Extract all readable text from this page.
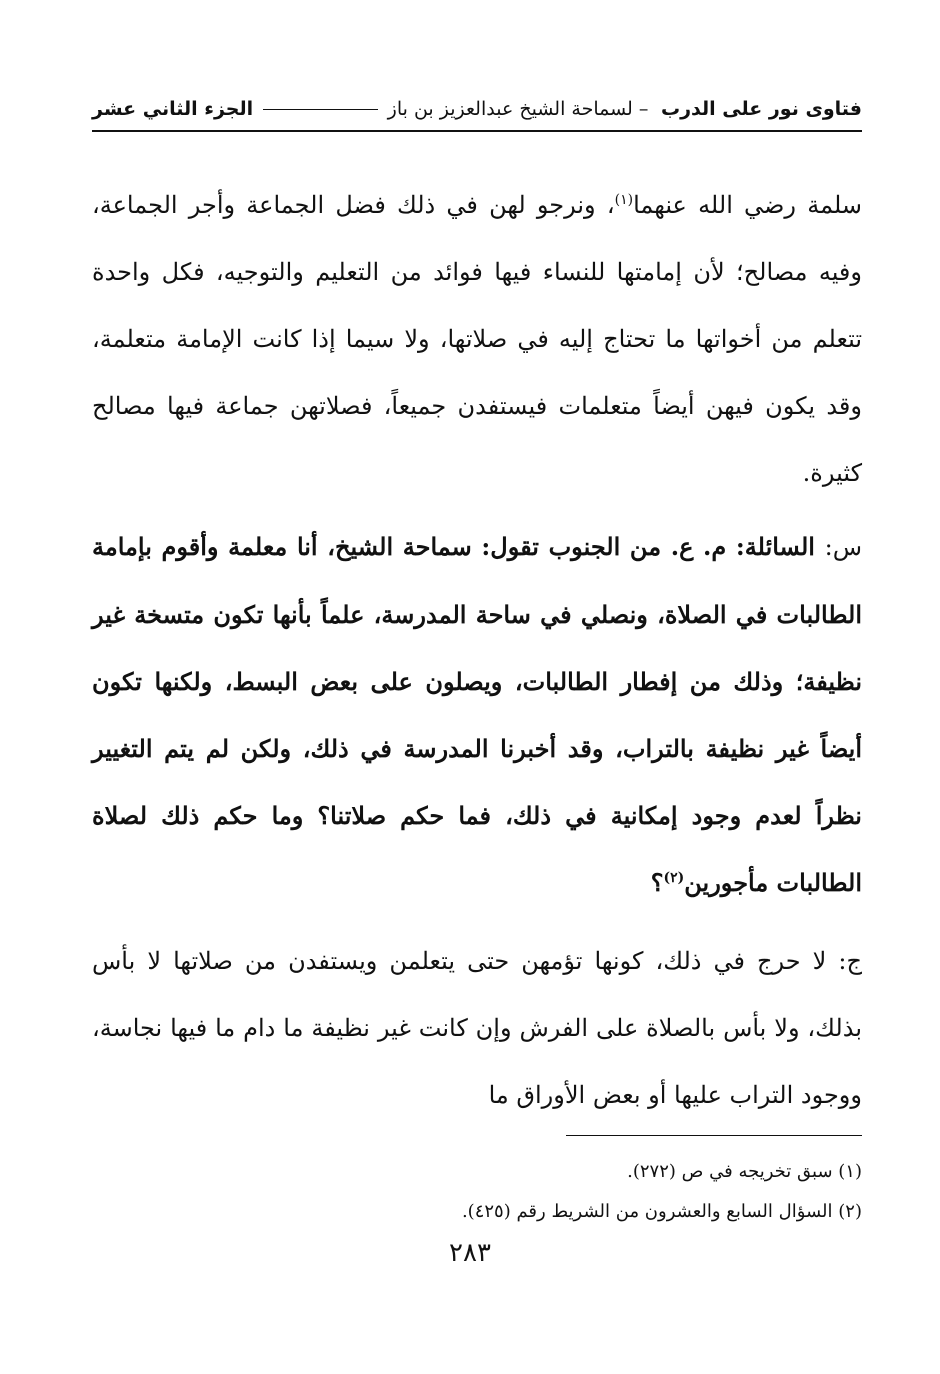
فتاوى نور على الدرب – لسماحة الشيخ عبدالعزيز بن باز
الجزء الثاني عشر

سلمة رضي الله عنهما$^{(١)}$، ونرجو لهن في ذلك فضل الجماعة وأجر الجماعة، وفيه مصالح؛ لأن إمامتها للنساء فيها فوائد من التعليم والتوجيه، فكل واحدة تتعلم من أخواتها ما تحتاج إليه في صلاتها، ولا سيما إذا كانت الإمامة متعلمة، وقد يكون فيهن أيضاً متعلمات فيستفدن جميعاً، فصلاتهن جماعة فيها مصالح كثيرة.

س: السائلة: م. ع. من الجنوب تقول: سماحة الشيخ، أنا معلمة وأقوم بإمامة الطالبات في الصلاة، ونصلي في ساحة المدرسة، علماً بأنها تكون متسخة غير نظيفة؛ وذلك من إفطار الطالبات، ويصلون على بعض البسط، ولكنها تكون أيضاً غير نظيفة بالتراب، وقد أخبرنا المدرسة في ذلك، ولكن لم يتم التغيير نظراً لعدم وجود إمكانية في ذلك، فما حكم صلاتنا؟ وما حكم ذلك لصلاة الطالبات مأجورين$^{(٢)}$؟

ج: لا حرج في ذلك، كونها تؤمهن حتى يتعلمن ويستفدن من صلاتها لا بأس بذلك، ولا بأس بالصلاة على الفرش وإن كانت غير نظيفة ما دام ما فيها نجاسة، ووجود التراب عليها أو بعض الأوراق ما

(١) سبق تخريجه في ص (٢٧٢).

(٢) السؤال السابع والعشرون من الشريط رقم (٤٢٥).

٢٨٣
